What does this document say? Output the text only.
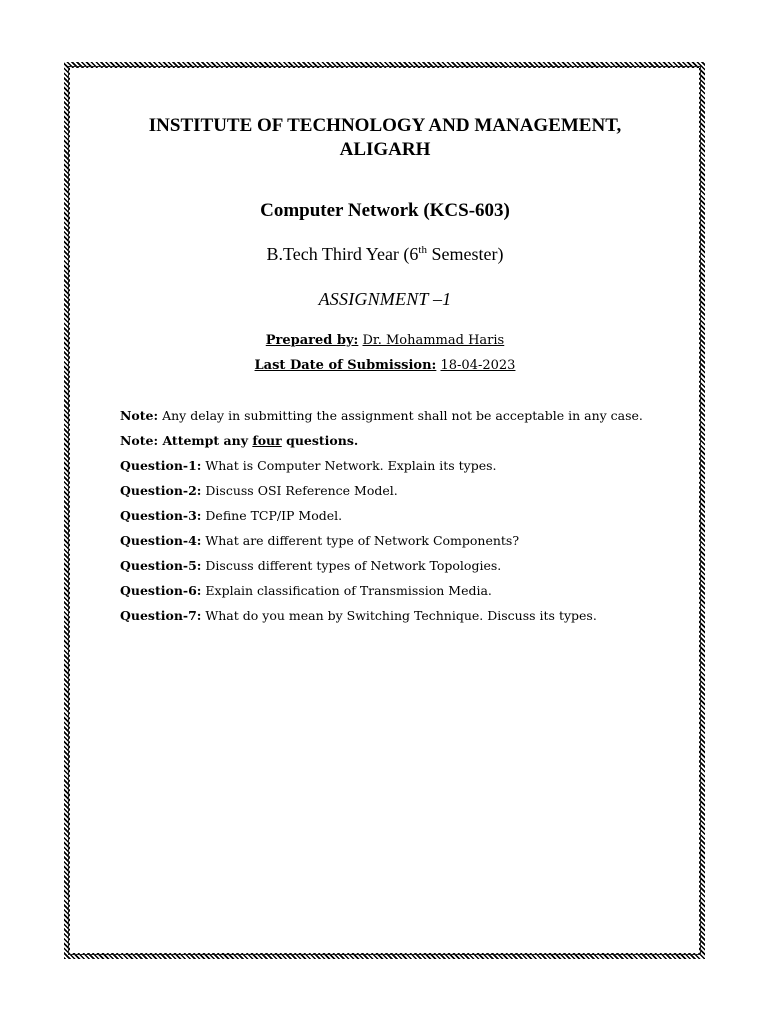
INSTITUTE OF TECHNOLOGY AND MANAGEMENT,
ALIGARH
Computer Network (KCS-603)
B.Tech Third Year (6th Semester)
ASSIGNMENT –1
Prepared by: Dr. Mohammad Haris
Last Date of Submission: 18-04-2023
Note: Any delay in submitting the assignment shall not be acceptable in any case.
Note: Attempt any four questions.
Question-1: What is Computer Network. Explain its types.
Question-2: Discuss OSI Reference Model.
Question-3: Define TCP/IP Model.
Question-4: What are different type of Network Components?
Question-5: Discuss different types of Network Topologies.
Question-6: Explain classification of Transmission Media.
Question-7: What do you mean by Switching Technique. Discuss its types.
